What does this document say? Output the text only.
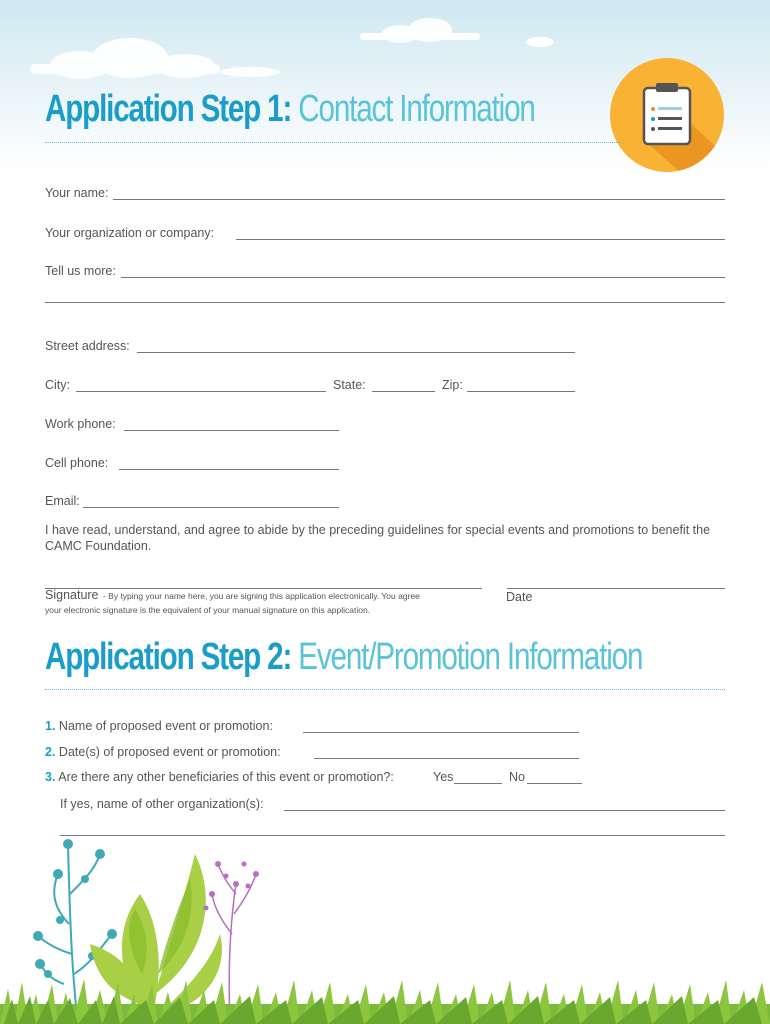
Application Step 1: Contact Information
Your name:
Your organization or company:
Tell us more:
Street address:
City:	State:	Zip:
Work phone:
Cell phone:
Email:
I have read, understand, and agree to abide by the preceding guidelines for special events and promotions to benefit the CAMC Foundation.
Signature - By typing your name here, you are signing this application electronically. You agree
your electronic signature is the equivalent of your manual signature on this application.
Date
Application Step 2: Event/Promotion Information
1. Name of proposed event or promotion:
2. Date(s) of proposed event or promotion:
3. Are there any other beneficiaries of this event or promotion?:	Yes	No
If yes, name of other organization(s):
